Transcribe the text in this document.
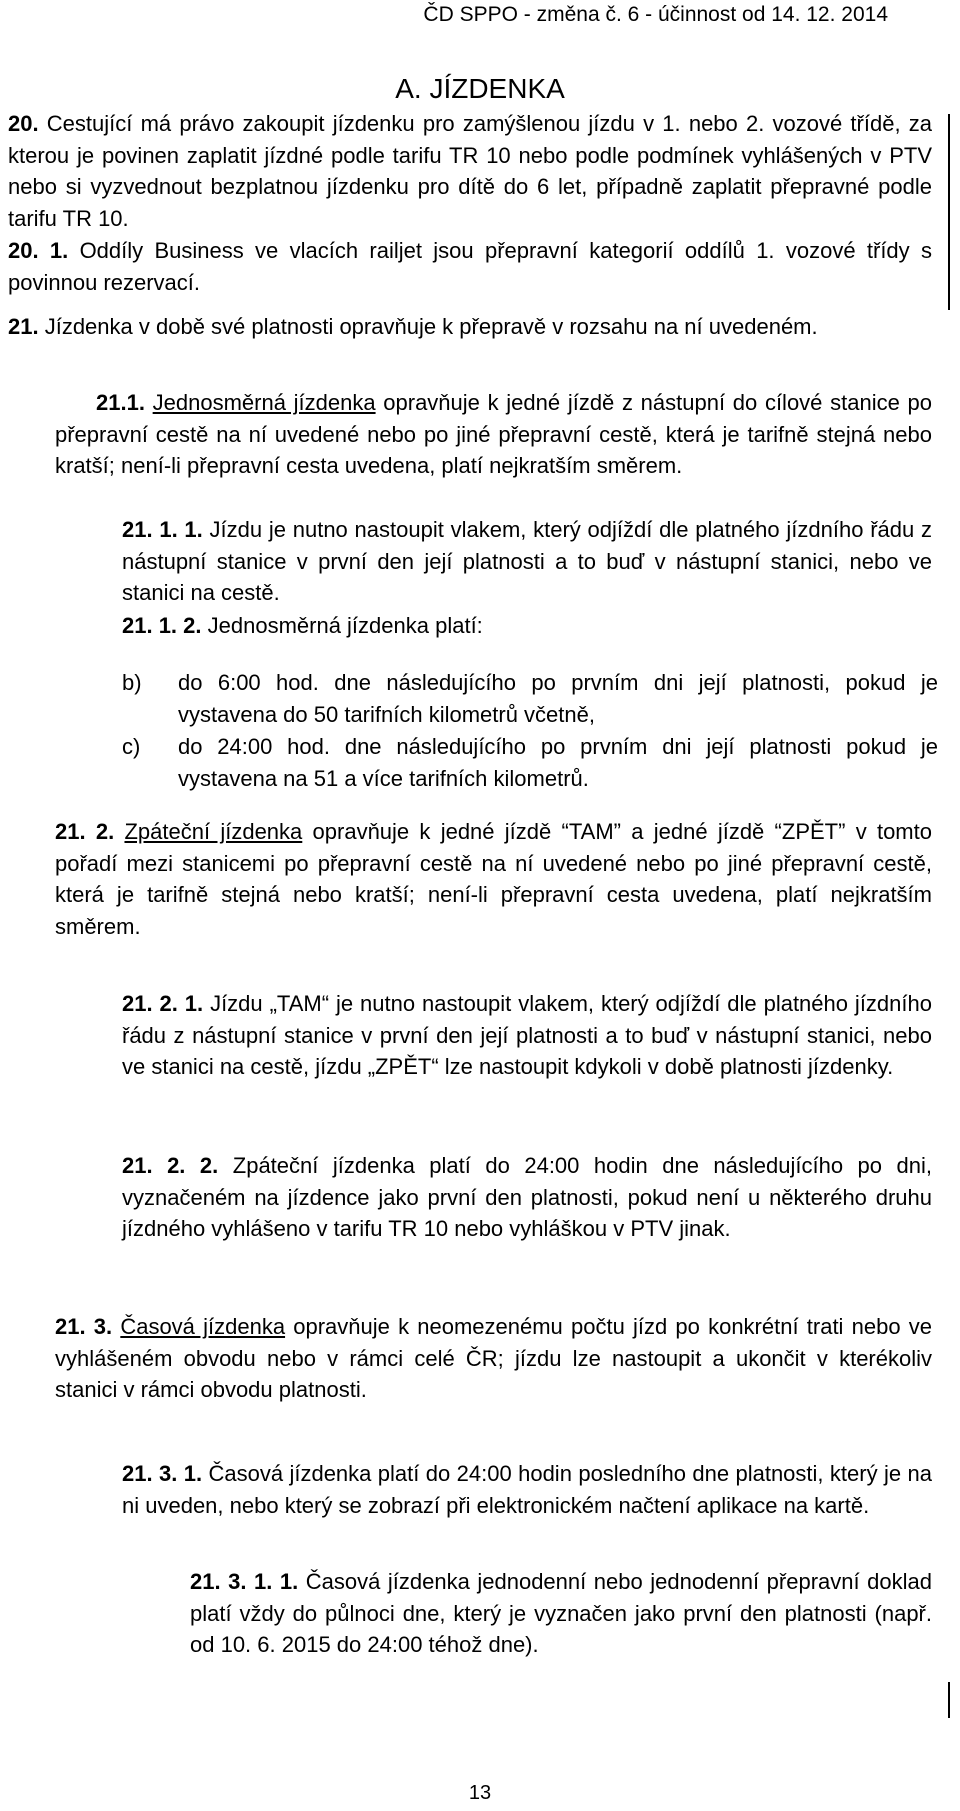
ČD SPPO - změna č. 6 - účinnost od 14. 12. 2014
A. JÍZDENKA
20. Cestující má právo zakoupit jízdenku pro zamýšlenou jízdu v 1. nebo 2. vozové třídě, za kterou je povinen zaplatit jízdné podle tarifu TR 10 nebo podle podmínek vyhlášených v PTV nebo si vyzvednout bezplatnou jízdenku pro dítě do 6 let, případně zaplatit přepravné podle tarifu TR 10.
20. 1. Oddíly Business ve vlacích railjet jsou přepravní kategorií oddílů 1. vozové třídy s povinnou rezervací.
21. Jízdenka v době své platnosti opravňuje k přepravě v rozsahu na ní uvedeném.
21.1. Jednosměrná jízdenka opravňuje k jedné jízdě z nástupní do cílové stanice po přepravní cestě na ní uvedené nebo po jiné přepravní cestě, která je tarifně stejná nebo kratší; není-li přepravní cesta uvedena, platí nejkratším směrem.
21. 1. 1. Jízdu je nutno nastoupit vlakem, který odjíždí dle platného jízdního řádu z nástupní stanice v první den její platnosti a to buď v nástupní stanici, nebo ve stanici na cestě.
21. 1. 2. Jednosměrná jízdenka platí:
b) do 6:00 hod. dne následujícího po prvním dni její platnosti, pokud je vystavena do 50 tarifních kilometrů včetně,
c) do 24:00 hod. dne následujícího po prvním dni její platnosti pokud je vystavena na 51 a více tarifních kilometrů.
21. 2. Zpáteční jízdenka opravňuje k jedné jízdě “TAM” a jedné jízdě “ZPĚT” v tomto pořadí mezi stanicemi po přepravní cestě na ní uvedené nebo po jiné přepravní cestě, která je tarifně stejná nebo kratší; není-li přepravní cesta uvedena, platí nejkratším směrem.
21. 2. 1. Jízdu „TAM“ je nutno nastoupit vlakem, který odjíždí dle platného jízdního řádu z nástupní stanice v první den její platnosti a to buď v nástupní stanici, nebo ve stanici na cestě, jízdu „ZPĚT“ lze nastoupit kdykoli v době platnosti jízdenky.
21. 2. 2. Zpáteční jízdenka platí do 24:00 hodin dne následujícího po dni, vyznačeném na jízdence jako první den platnosti, pokud není u některého druhu jízdného vyhlášeno v tarifu TR 10 nebo vyhláškou v PTV jinak.
21. 3. Časová jízdenka opravňuje k neomezenému počtu jízd po konkrétní trati nebo ve vyhlášeném obvodu nebo v rámci celé ČR; jízdu lze nastoupit a ukončit v kterékoliv stanici v rámci obvodu platnosti.
21. 3. 1. Časová jízdenka platí do 24:00 hodin posledního dne platnosti, který je na ni uveden, nebo který se zobrazí při elektronickém načtení aplikace na kartě.
21. 3. 1. 1. Časová jízdenka jednodenní nebo jednodenní přepravní doklad platí vždy do půlnoci dne, který je vyznačen jako první den platnosti (např. od 10. 6. 2015 do 24:00 téhož dne).
13
